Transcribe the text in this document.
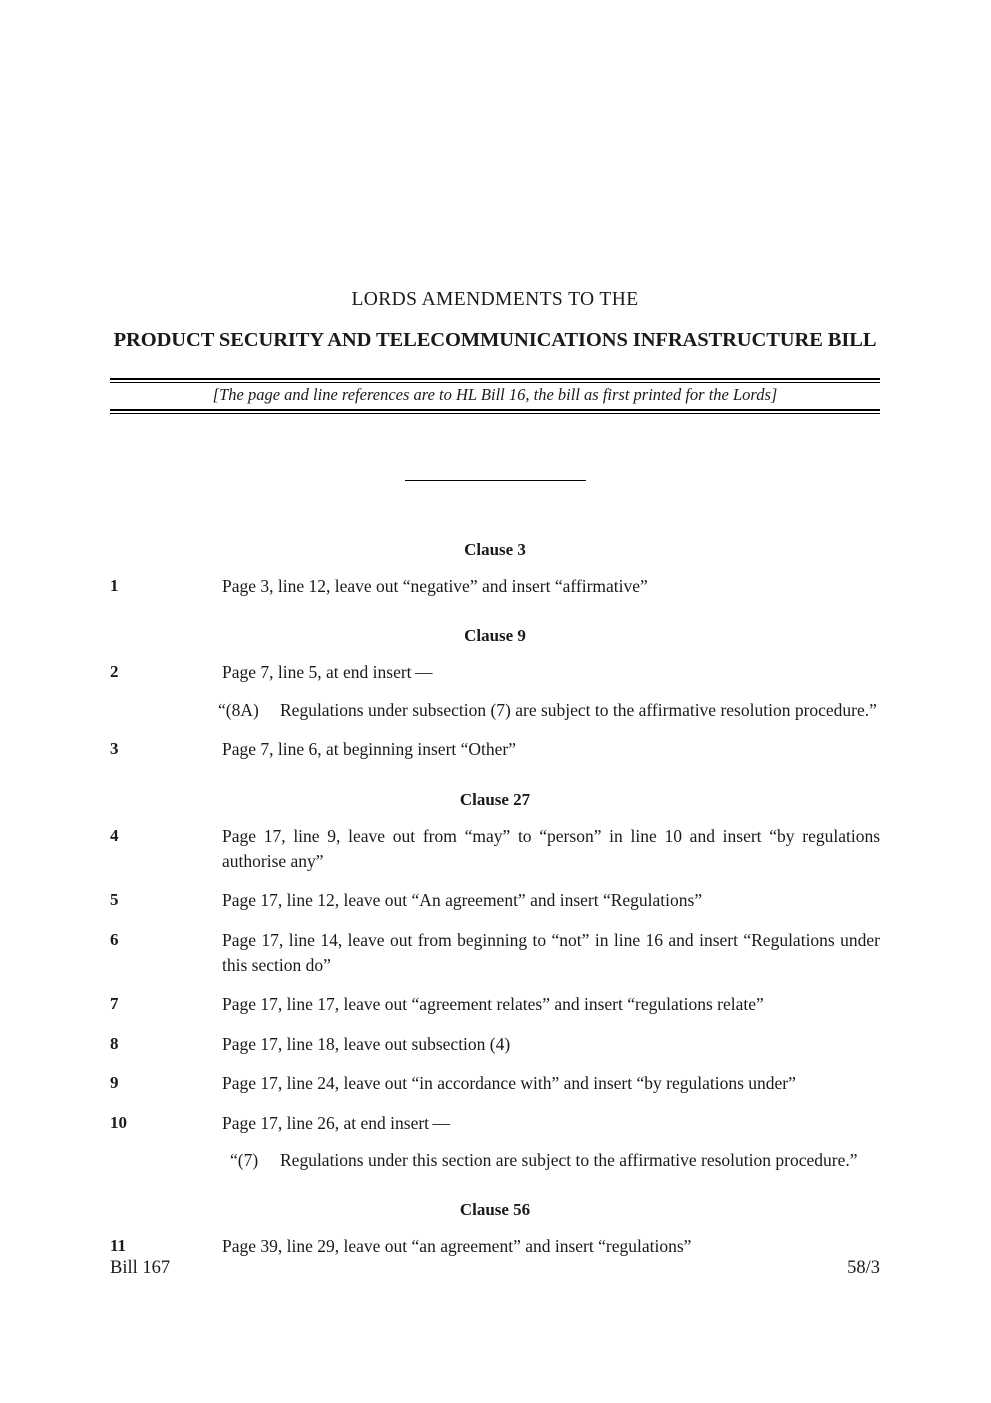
LORDS AMENDMENTS TO THE
PRODUCT SECURITY AND TELECOMMUNICATIONS INFRASTRUCTURE BILL
[The page and line references are to HL Bill 16, the bill as first printed for the Lords]
Clause 3
1	Page 3, line 12, leave out “negative” and insert “affirmative”
Clause 9
2	Page 7, line 5, at end insert —
“(8A)	Regulations under subsection (7) are subject to the affirmative resolution procedure.”
3	Page 7, line 6, at beginning insert “Other”
Clause 27
4	Page 17, line 9, leave out from “may” to “person” in line 10 and insert “by regulations authorise any”
5	Page 17, line 12, leave out “An agreement” and insert “Regulations”
6	Page 17, line 14, leave out from beginning to “not” in line 16 and insert “Regulations under this section do”
7	Page 17, line 17, leave out “agreement relates” and insert “regulations relate”
8	Page 17, line 18, leave out subsection (4)
9	Page 17, line 24, leave out “in accordance with” and insert “by regulations under”
10	Page 17, line 26, at end insert —
“(7)	Regulations under this section are subject to the affirmative resolution procedure.”
Clause 56
11	Page 39, line 29, leave out “an agreement” and insert “regulations”
Bill 167	58/3
